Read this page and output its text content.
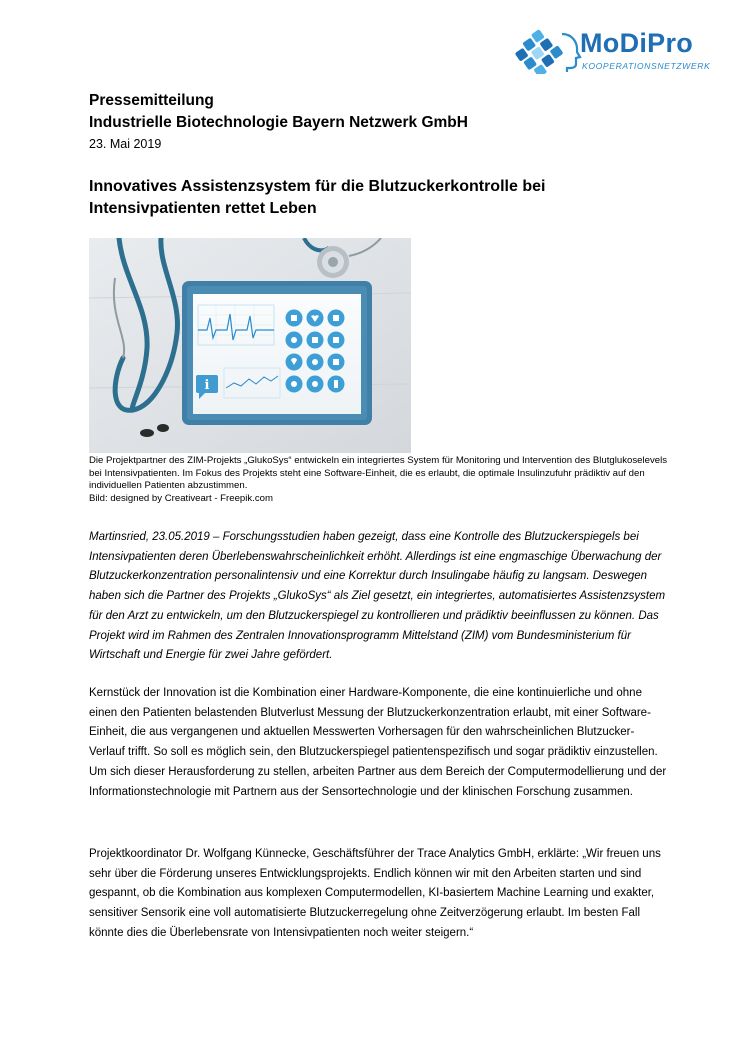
MoDiPro
KOOPERATIONSNETZWERK
Pressemitteilung
Industrielle Biotechnologie Bayern Netzwerk GmbH
23. Mai 2019
Innovatives Assistenzsystem für die Blutzuckerkontrolle bei Intensivpatienten rettet Leben
i
Die Projektpartner des ZIM-Projekts „GlukoSys“ entwickeln ein integriertes System für Monitoring und Intervention des Blutglukoselevels bei Intensivpatienten. Im Fokus des Projekts steht eine Software-Einheit, die es erlaubt, die optimale Insulinzufuhr prädiktiv auf den individuellen Patienten abzustimmen.
Bild: designed by Creativeart - Freepik.com
Martinsried, 23.05.2019 – Forschungsstudien haben gezeigt, dass eine Kontrolle des Blutzuckerspiegels bei Intensivpatienten deren Überlebenswahrscheinlichkeit erhöht. Allerdings ist eine engmaschige Überwachung der Blutzuckerkonzentration personalintensiv und eine Korrektur durch Insulingabe häufig zu langsam. Deswegen haben sich die Partner des Projekts „GlukoSys“ als Ziel gesetzt, ein integriertes, automatisiertes Assistenzsystem für den Arzt zu entwickeln, um den Blutzuckerspiegel zu kontrollieren und prädiktiv beeinflussen zu können. Das Projekt wird im Rahmen des Zentralen Innovationsprogramm Mittelstand (ZIM) vom Bundesministerium für Wirtschaft und Energie für zwei Jahre gefördert.
Kernstück der Innovation ist die Kombination einer Hardware-Komponente, die eine kontinuierliche und ohne einen den Patienten belastenden Blutverlust Messung der Blutzuckerkonzentration erlaubt, mit einer Software-Einheit, die aus vergangenen und aktuellen Messwerten Vorhersagen für den wahrscheinlichen Blutzucker-Verlauf trifft. So soll es möglich sein, den Blutzuckerspiegel patientenspezifisch und sogar prädiktiv einzustellen. Um sich dieser Herausforderung zu stellen, arbeiten Partner aus dem Bereich der Computermodellierung und der Informationstechnologie mit Partnern aus der Sensortechnologie und der klinischen Forschung zusammen.
Projektkoordinator Dr. Wolfgang Künnecke, Geschäftsführer der Trace Analytics GmbH, erklärte: „Wir freuen uns sehr über die Förderung unseres Entwicklungsprojekts. Endlich können wir mit den Arbeiten starten und sind gespannt, ob die Kombination aus komplexen Computermodellen, KI-basiertem Machine Learning und exakter, sensitiver Sensorik eine voll automatisierte Blutzuckerregelung ohne Zeitverzögerung erlaubt. Im besten Fall könnte dies die Überlebensrate von Intensivpatienten noch weiter steigern.“
